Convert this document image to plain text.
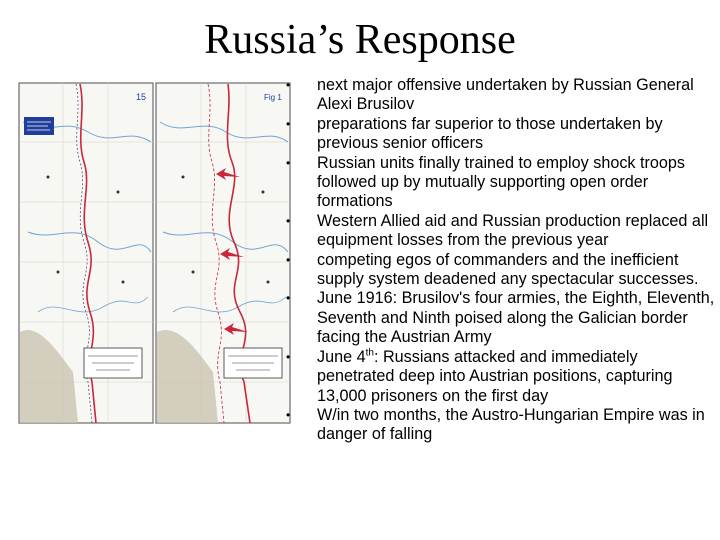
Russia’s Response
15	Fig 1
• next major offensive undertaken by Russian General Alexi Brusilov
• preparations far superior to those undertaken by previous senior officers
• Russian units finally trained to employ shock troops followed up by mutually supporting open order formations
• Western Allied aid and Russian production replaced all equipment losses from the previous year
• competing egos of commanders and the inefficient supply system deadened any spectacular successes.
• June 1916: Brusilov's four armies, the Eighth, Eleventh, Seventh and Ninth poised along the Galician border facing the Austrian Army
• June 4th: Russians attacked and immediately penetrated deep into Austrian positions, capturing 13,000 prisoners on the first day
• W/in two months, the Austro-Hungarian Empire was in danger of falling
